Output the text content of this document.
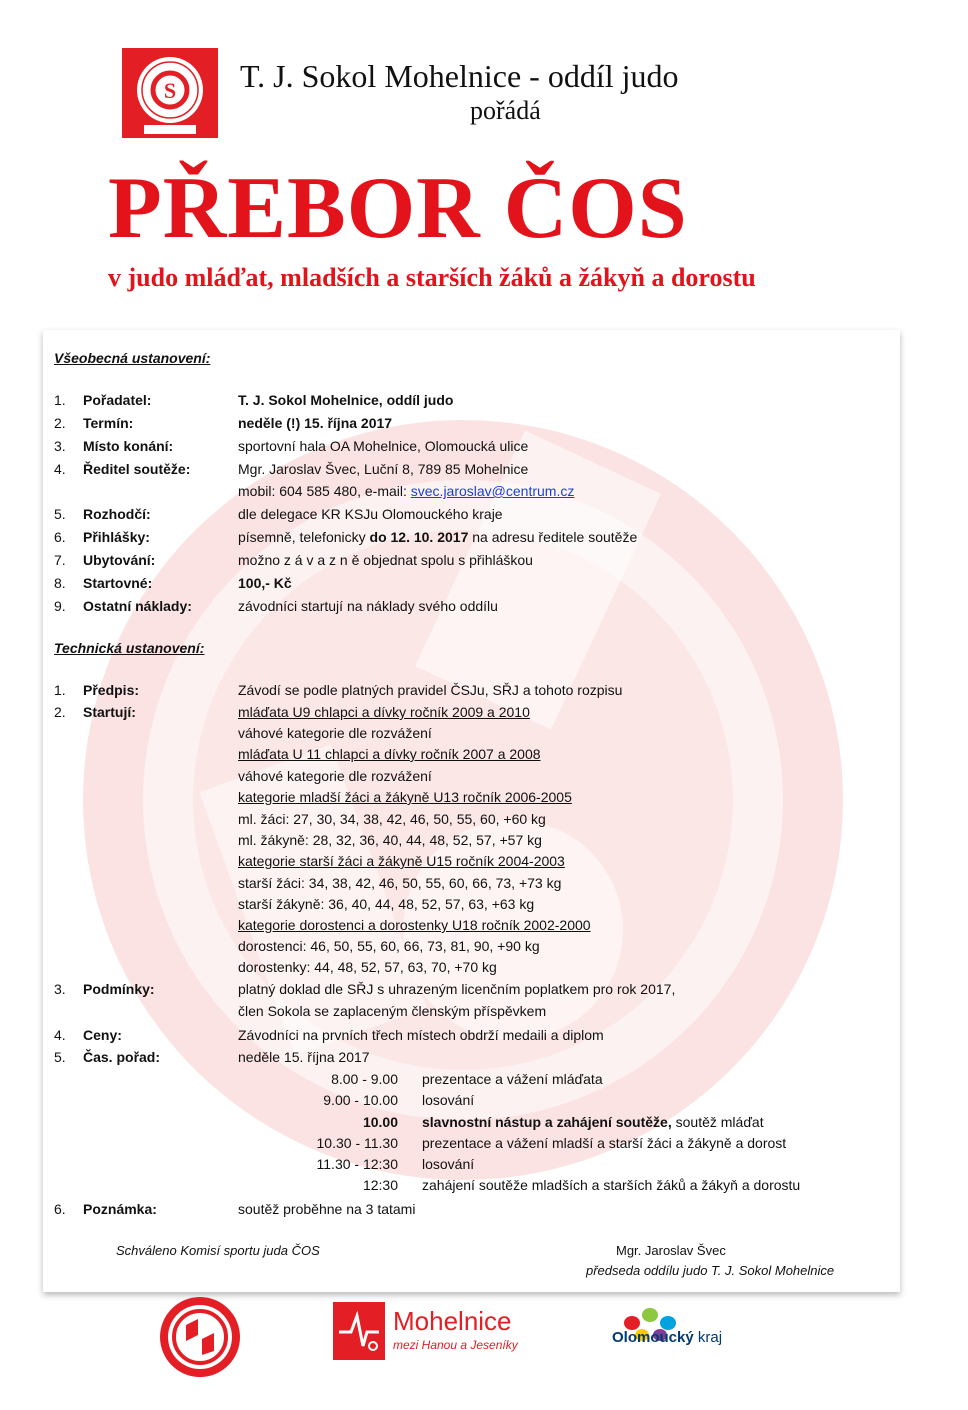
S T. J. Sokol Mohelnice - oddíl judo
pořádá
PŘEBOR ČOS
v judo mláďat, mladších a starších žáků a žákyň a dorostu
Všeobecná ustanovení:
1. Pořadatel:	T. J. Sokol Mohelnice, oddíl judo
2. Termín:	neděle (!) 15. října 2017
3. Místo konání:	sportovní hala OA Mohelnice, Olomoucká ulice
4. Ředitel soutěže:	Mgr. Jaroslav Švec, Luční 8, 789 85 Mohelnice
mobil: 604 585 480, e-mail: svec.jaroslav@centrum.cz
5. Rozhodčí:	dle delegace KR KSJu Olomouckého kraje
6. Přihlášky:	písemně, telefonicky do 12. 10. 2017 na adresu ředitele soutěže
7. Ubytování:	možno z á v a z n ě objednat spolu s přihláškou
8. Startovné:	100,- Kč
9. Ostatní náklady:	závodníci startují na náklady svého oddílu
Technická ustanovení:
1. Předpis:	Závodí se podle platných pravidel ČSJu, SŘJ a tohoto rozpisu
2. Startují:	mláďata U9 chlapci a dívky ročník 2009 a 2010
váhové kategorie dle rozvážení
mláďata U 11 chlapci a dívky ročník 2007 a 2008
váhové kategorie dle rozvážení
kategorie mladší žáci a žákyně U13 ročník 2006-2005
ml. žáci: 27, 30, 34, 38, 42, 46, 50, 55, 60, +60 kg
ml. žákyně: 28, 32, 36, 40, 44, 48, 52, 57, +57 kg
kategorie starší žáci a žákyně U15 ročník 2004-2003
starší žáci: 34, 38, 42, 46, 50, 55, 60, 66, 73, +73 kg
starší žákyně: 36, 40, 44, 48, 52, 57, 63, +63 kg
kategorie dorostenci a dorostenky U18 ročník 2002-2000
dorostenci: 46, 50, 55, 60, 66, 73, 81, 90, +90 kg
dorostenky: 44, 48, 52, 57, 63, 70, +70 kg
3. Podmínky:	platný doklad dle SŘJ s uhrazeným licenčním poplatkem pro rok 2017,
člen Sokola se zaplaceným členským příspěvkem
4. Ceny:	Závodníci na prvních třech místech obdrží medaili a diplom
5. Čas. pořad:	neděle 15. října 2017
8.00 - 9.00 prezentace a vážení mláďata
9.00 - 10.00 losování
10.00 slavnostní nástup a zahájení soutěže, soutěž mláďat
10.30 - 11.30 prezentace a vážení mladší a starší žáci a žákyně a dorost
11.30 - 12:30 losování
12:30 zahájení soutěže mladších a starších žáků a žákyň a dorostu
6. Poznámka:	soutěž proběhne na 3 tatami
Schváleno Komisí sportu juda ČOS	Mgr. Jaroslav Švec
předseda oddílu judo T. J. Sokol Mohelnice
Mohelnice
mezi Hanou a Jeseníky	Olomoucký kraj
